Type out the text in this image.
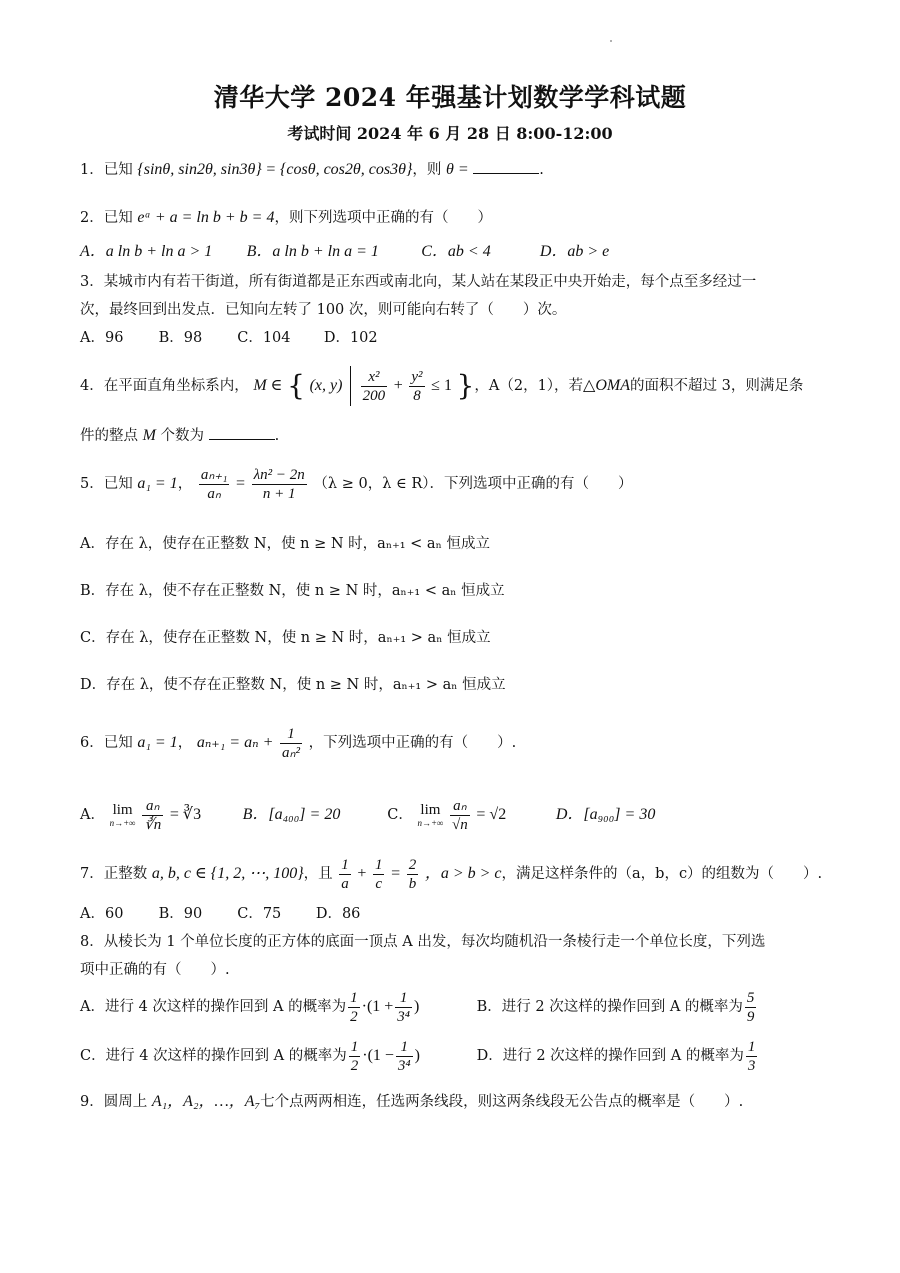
清华大学 2024 年强基计划数学学科试题
考试时间 2024 年 6 月 28 日 8:00-12:00
1．已知 {sinθ, sin2θ, sin3θ} = {cosθ, cos2θ, cos3θ}，则 θ =	.
2．已知 eᵃ + a = ln b + b = 4，则下列选项中正确的有（　　）
A．a ln b + ln a > 1 B．a ln b + ln a = 1	C．ab < 4	D．ab > e
3．某城市内有若干街道，所有街道都是正东西或南北向，某人站在某段正中央开始走，每个点至多经过一
次，最终回到出发点．已知向左转了 100 次，则可能向右转了（　　）次。
A．96 B．98 C．104 D．102
4．在平面直角坐标系内， M ∈ { (x, $y) \frac{\text{x²}}{200} + \frac{\text{y²}}{8} \le 1$ }，A（2，1），若△OMA的面积不超过 3，则满足条
件的整点 M 个数为	.
5．已知 a₁ = 1， $\frac{\text{aₙ₊₁}}{\text{aₙ}} = \frac{\text{λn² − 2n}}{n + 1} (\lambda \ge 0$，λ ∈ R）．下列选项中正确的有（　　）
A．存在 λ，使存在正整数 N，使 n ≥ N 时，aₙ₊₁ < aₙ 恒成立
B．存在 λ，使不存在正整数 N，使 n ≥ N 时，aₙ₊₁ < aₙ 恒成立
C．存在 λ，使存在正整数 N，使 n ≥ N 时，aₙ₊₁ > aₙ 恒成立
D．存在 λ，使不存在正整数 N，使 n ≥ N 时，aₙ₊₁ > aₙ 恒成立
6．已知 a₁ = 1， $a_{n+1} = a_n + \frac{1}{\text{aₙ²}}$ ，下列选项中正确的有（　　）.
A． lim
n→+∞
$\frac{\text{aₙ}}{∛n}$ = ∛3	B．[a₄₀₀] = 20	C． lim
n→+∞
$\frac{\text{aₙ}}{√n} = √2$	D．[a₉₀₀] = 30
7．正整数 a, b, c ∈ {1, 2, ⋯, 100}，且 $\frac{1}{a} + \frac{1}{c} = \frac{2}{b}$ ，a > b > c，满足这样条件的（a，b，c）的组数为（　　）.
A．60 B．90 C．75 D．86
8．从棱长为 1 个单位长度的正方体的底面一顶点 A 出发，每次均随机沿一条棱行走一个单位长度，下列选
项中正确的有（　　）.
A．进行 4 次这样的操作回到 A 的概率为 $\frac{1}{2} \cdot(1 + \frac{1}{\text{3⁴}}$ )	B．进行 2 次这样的操作回到 A 的概率为 $\frac{5}{9}$
C．进行 4 次这样的操作回到 A 的概率为 $\frac{1}{2} \cdot(1 - \frac{1}{\text{3⁴}}$ )	D．进行 2 次这样的操作回到 A 的概率为 $\frac{1}{3}$
9．圆周上 A₁，A₂，…，A₇七个点两两相连，任选两条线段，则这两条线段无公告点的概率是（　　）.
